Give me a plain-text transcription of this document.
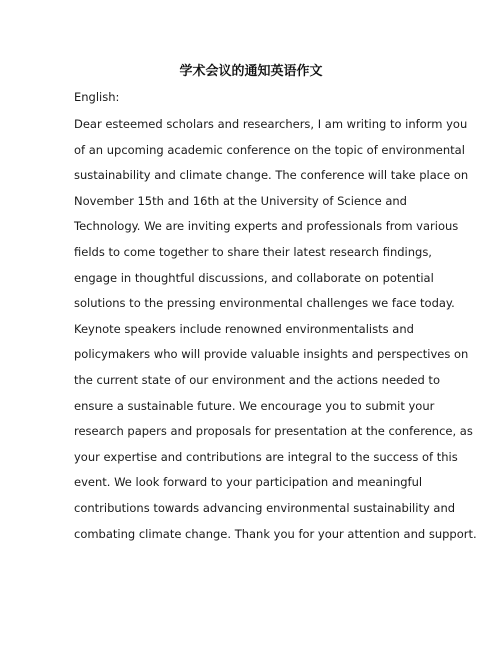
学术会议的通知英语作文
English:
Dear esteemed scholars and researchers, I am writing to inform you
of an upcoming academic conference on the topic of environmental
sustainability and climate change. The conference will take place on
November 15th and 16th at the University of Science and
Technology. We are inviting experts and professionals from various
fields to come together to share their latest research findings,
engage in thoughtful discussions, and collaborate on potential
solutions to the pressing environmental challenges we face today.
Keynote speakers include renowned environmentalists and
policymakers who will provide valuable insights and perspectives on
the current state of our environment and the actions needed to
ensure a sustainable future. We encourage you to submit your
research papers and proposals for presentation at the conference, as
your expertise and contributions are integral to the success of this
event. We look forward to your participation and meaningful
contributions towards advancing environmental sustainability and
combating climate change. Thank you for your attention and support.
